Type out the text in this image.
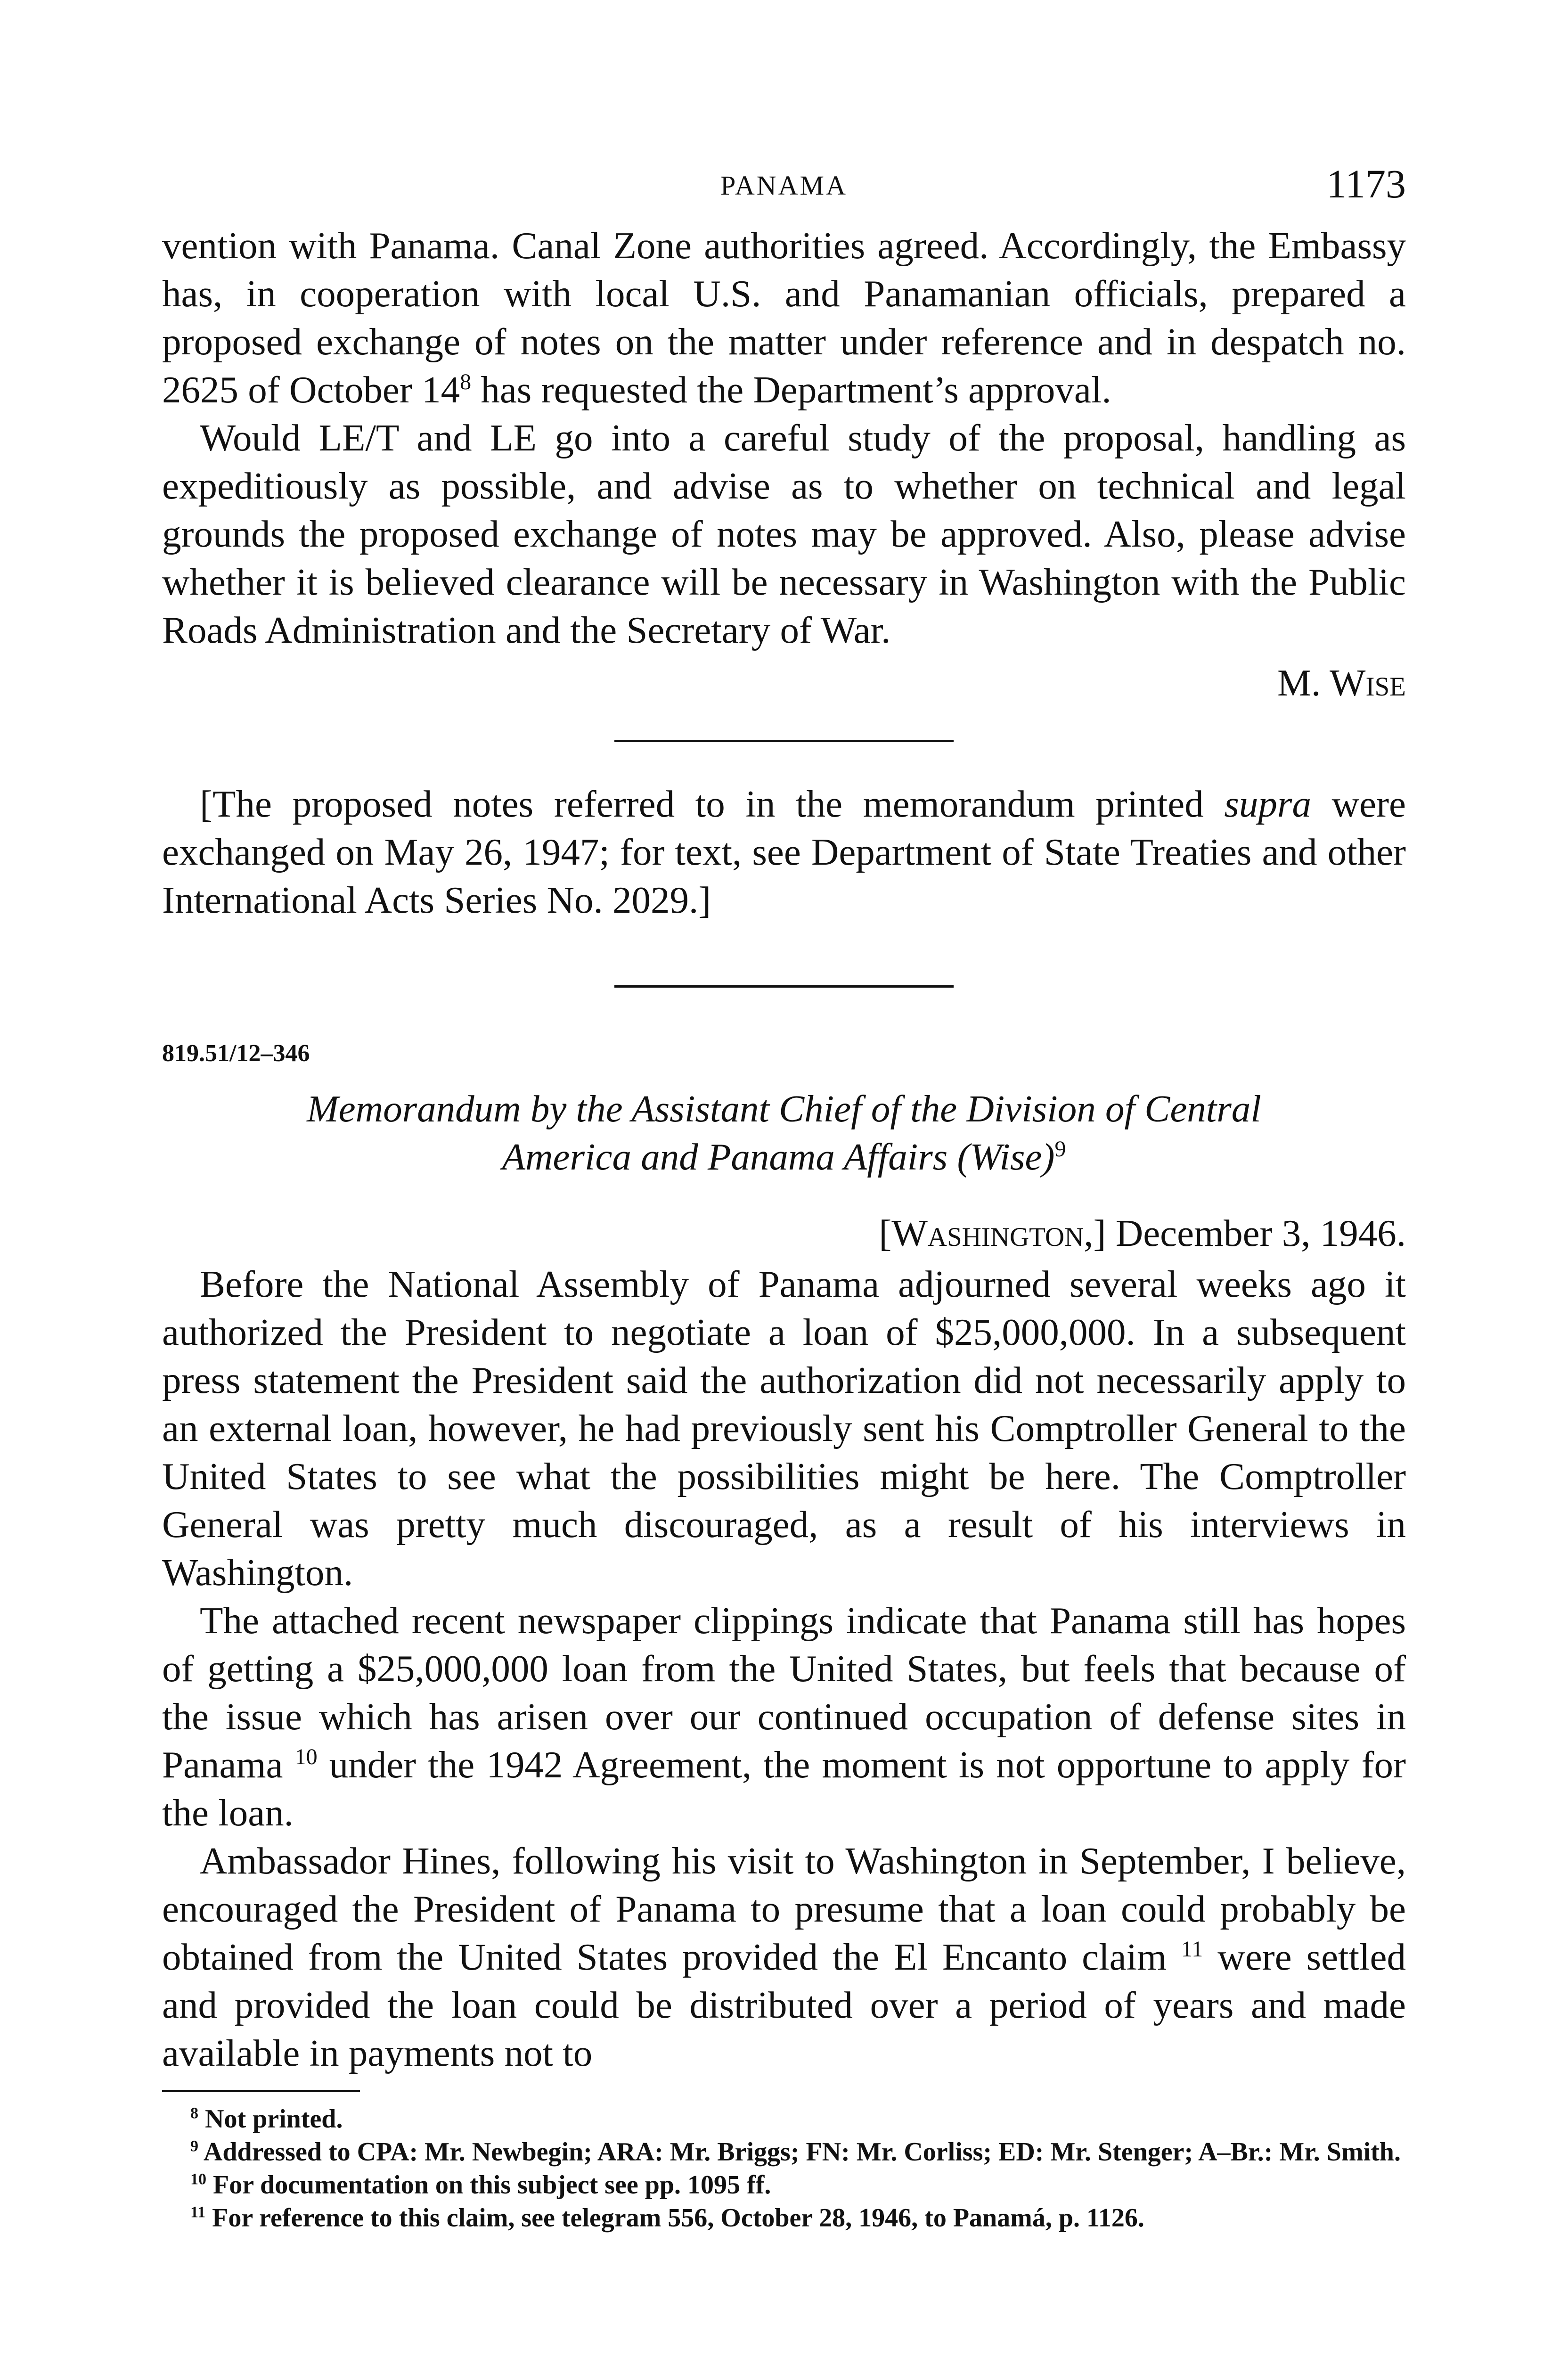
PANAMA	1173

vention with Panama. Canal Zone authorities agreed. Accordingly, the Embassy has, in cooperation with local U.S. and Panamanian officials, prepared a proposed exchange of notes on the matter under reference and in despatch no. 2625 of October $14^8$ has requested the Department’s approval.

Would LE/T and LE go into a careful study of the proposal, handling as expeditiously as possible, and advise as to whether on technical and legal grounds the proposed exchange of notes may be approved. Also, please advise whether it is believed clearance will be necessary in Washington with the Public Roads Administration and the Secretary of War.

M. Wise

[The proposed notes referred to in the memorandum printed supra were exchanged on May 26, 1947; for text, see Department of State Treaties and other International Acts Series No. 2029.]

819.51/12–346
Memorandum by the Assistant Chief of the Division of Central
America and Panama Affairs (Wise)$^9$
[Washington,] December 3, 1946.

Before the National Assembly of Panama adjourned several weeks ago it authorized the President to negotiate a loan of $25,000,000. In a subsequent press statement the President said the authorization did not necessarily apply to an external loan, however, he had previously sent his Comptroller General to the United States to see what the possibilities might be here. The Comptroller General was pretty much discouraged, as a result of his interviews in Washington.

The attached recent newspaper clippings indicate that Panama still has hopes of getting a $25,000,000 loan from the United States, but feels that because of the issue which has arisen over our continued occupation of defense sites in Panama $^{10}$ under the 1942 Agreement, the moment is not opportune to apply for the loan.

Ambassador Hines, following his visit to Washington in September, I believe, encouraged the President of Panama to presume that a loan could probably be obtained from the United States provided the El Encanto claim $^{11}$ were settled and provided the loan could be distributed over a period of years and made available in payments not to

$^8$ Not printed.

$^9$ Addressed to CPA: Mr. Newbegin; ARA: Mr. Briggs; FN: Mr. Corliss; ED: Mr. Stenger; A–Br.: Mr. Smith.

$^{10}$ For documentation on this subject see pp. 1095 ff.

$^{11}$ For reference to this claim, see telegram 556, October 28, 1946, to Panamá, p. 1126.
